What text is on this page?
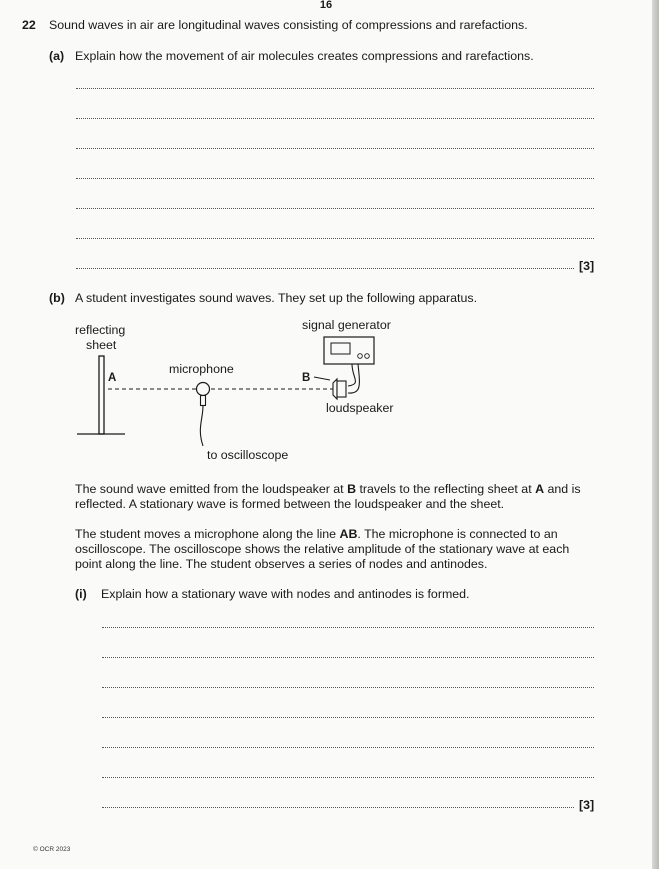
16
22 Sound waves in air are longitudinal waves consisting of compressions and rarefactions.
(a) Explain how the movement of air molecules creates compressions and rarefactions.
[3]
(b) A student investigates sound waves. They set up the following apparatus.
reflecting
A
microphone
B
signal generator
loudspeaker
to oscilloscope
sheet
The sound wave emitted from the loudspeaker at B travels to the reflecting sheet at A and is
reflected. A stationary wave is formed between the loudspeaker and the sheet.
The student moves a microphone along the line AB. The microphone is connected to an
oscilloscope. The oscilloscope shows the relative amplitude of the stationary wave at each
point along the line. The student observes a series of nodes and antinodes.
(i) Explain how a stationary wave with nodes and antinodes is formed.
[3]
© OCR 2023
